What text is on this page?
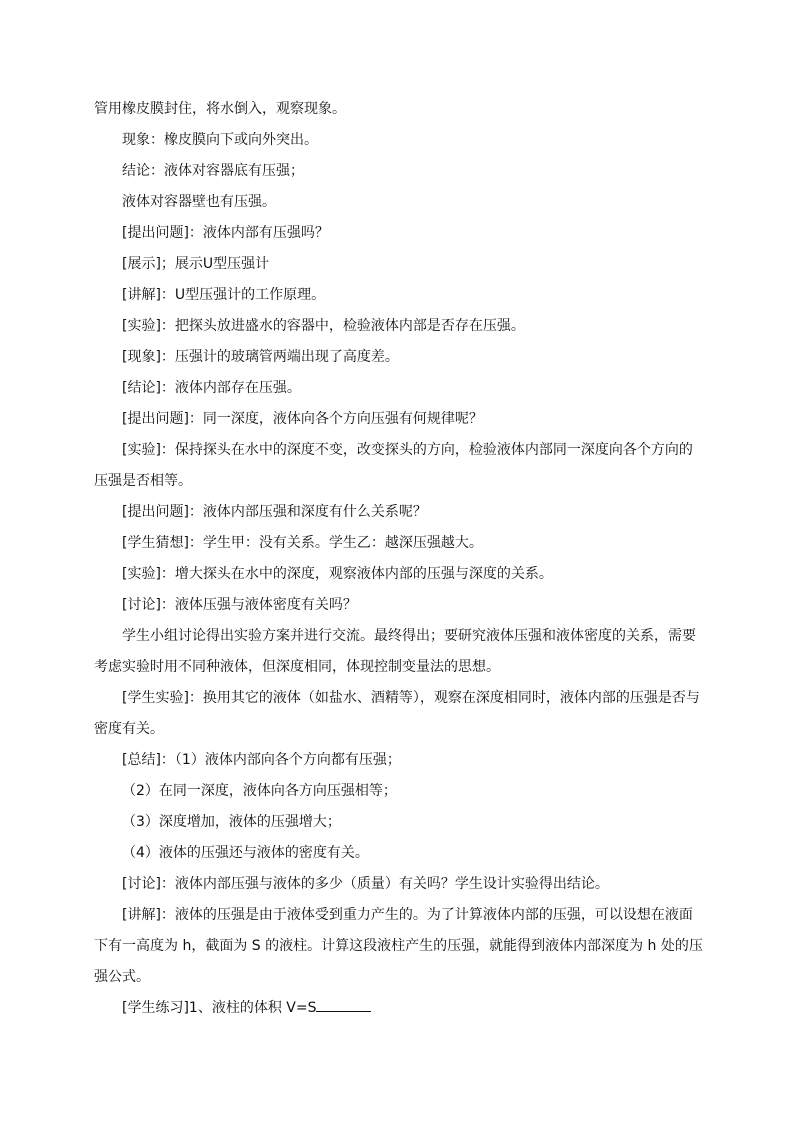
管用橡皮膜封住，将水倒入，观察现象。

现象：橡皮膜向下或向外突出。

结论：液体对容器底有压强；

液体对容器壁也有压强。

[提出问题]：液体内部有压强吗？

[展示]；展示U型压强计

[讲解]：U型压强计的工作原理。

[实验]：把探头放进盛水的容器中，检验液体内部是否存在压强。

[现象]：压强计的玻璃管两端出现了高度差。

[结论]：液体内部存在压强。

[提出问题]：同一深度，液体向各个方向压强有何规律呢？

[实验]：保持探头在水中的深度不变，改变探头的方向，检验液体内部同一深度向各个方向的压强是否相等。

[提出问题]：液体内部压强和深度有什么关系呢？

[学生猜想]：学生甲：没有关系。学生乙：越深压强越大。

[实验]：增大探头在水中的深度，观察液体内部的压强与深度的关系。

[讨论]：液体压强与液体密度有关吗？

学生小组讨论得出实验方案并进行交流。最终得出；要研究液体压强和液体密度的关系，需要考虑实验时用不同种液体，但深度相同，体现控制变量法的思想。

[学生实验]：换用其它的液体（如盐水、酒精等），观察在深度相同时，液体内部的压强是否与密度有关。

[总结]：（1）液体内部向各个方向都有压强；

（2）在同一深度，液体向各方向压强相等；

（3）深度增加，液体的压强增大；

（4）液体的压强还与液体的密度有关。

[讨论]：液体内部压强与液体的多少（质量）有关吗？学生设计实验得出结论。

[讲解]：液体的压强是由于液体受到重力产生的。为了计算液体内部的压强，可以设想在液面下有一高度为 h，截面为 S 的液柱。计算这段液柱产生的压强，就能得到液体内部深度为 h 处的压强公式。

[学生练习]1、液柱的体积 V=S
